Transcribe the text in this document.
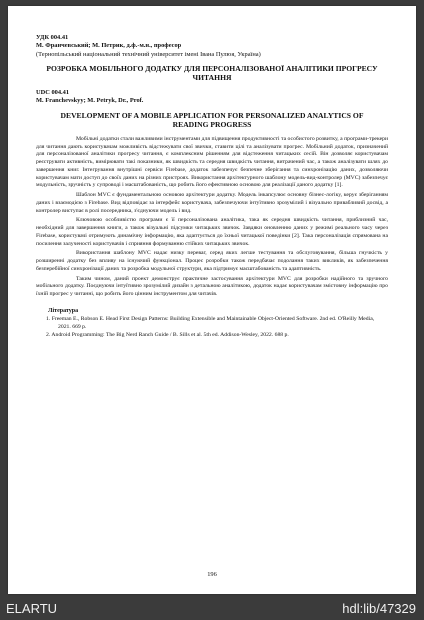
УДК 004.41

М. Франчевський; М. Петрик, д.ф.-м.н., професор

(Тернопільський національний технічний університет імені Івана Пулюя, Україна)

РОЗРОБКА МОБІЛЬНОГО ДОДАТКУ ДЛЯ ПЕРСОНАЛІЗОВАНОЇ АНАЛІТИКИ ПРОГРЕСУ ЧИТАННЯ

UDC 004.41

M. Franchevskyy; M. Petryk, Dr., Prof.

DEVELOPMENT OF A MOBILE APPLICATION FOR PERSONALIZED ANALYTICS OF READING PROGRESS

Мобільні додатки стали важливими інструментами для підвищення продуктивності та особистого розвитку, а програми-трекери для читання дають користувачам можливість відстежувати свої звички, ставити цілі та аналізувати прогрес. Мобільний додаток, призначений для персоналізованої аналітики прогресу читання, є комплексним рішенням для відстеження читацьких сесій. Він дозволяє користувачам реєструвати активність, вимірювати такі показники, як швидкість та середня швидкість читання, витрачений час, а також аналізувати шлях до завершення книг. Інтегрування внутрішні сервіси Firebase, додаток забезпечує безпечне зберігання та синхронізацію даних, дозволяючи користувачам мати доступ до своїх даних на різних пристроях. Використання архітектурного шаблону модель-вид-контролер (MVC) забезпечує модульність, зручність у супроводі і масштабованість, що робить його ефективною основою для реалізації даного додатку [1].

Шаблон MVC є фундаментальною основою архітектури додатку. Модель інкапсулює основну бізнес-логіку, керує зберіганням даних і взаємодією з Firebase. Вид відповідає за інтерфейс користувача, забезпечуючи інтуїтивно зрозумілий і візуально привабливий досвід, а контролер виступає в ролі посередника, з'єднуючи модель і вид.

Ключовою особливістю програми є її персоналізована аналітика, така як середня швидкість читання, приблизний час, необхідний для завершення книги, а також візуальні підсумки читацьких звичок. Завдяки оновленню даних у режимі реального часу через Firebase, користувачі отримують динамічну інформацію, яка адаптується до їхньої читацької поведінки [2]. Така персоналізація спрямована на посилення залученості користувачів і сприяння формуванню стійких читацьких звичок.

Використання шаблону MVC надає низку переваг, серед яких легше тестування та обслуговування, більша гнучкість у розширенні додатку без впливу на існуючий функціонал. Процес розробки також передбачає подолання таких викликів, як забезпечення безперебійної синхронізації даних та розробка модульної структури, яка підтримує масштабованість та адаптивність.

Таким чином, даний проект демонструє практичне застосування архітектури MVC для розробки надійного та зручного мобільного додатку. Поєднуючи інтуїтивно зрозумілий дизайн з детальною аналітикою, додаток надає користувачам змістовну інформацію про їхній прогрес у читанні, що робить його цінним інструментом для читачів.

Література

1. Freeman E., Robson E. Head First Design Patterns: Building Extensible and Maintainable Object-Oriented Software. 2nd ed. O'Reilly Media, 2021. 669 p.

2. Android Programming: The Big Nerd Ranch Guide / B. Sills et al. 5th ed. Addison-Wesley, 2022. 688 p.

196
ELARTU	hdl:lib/47329
